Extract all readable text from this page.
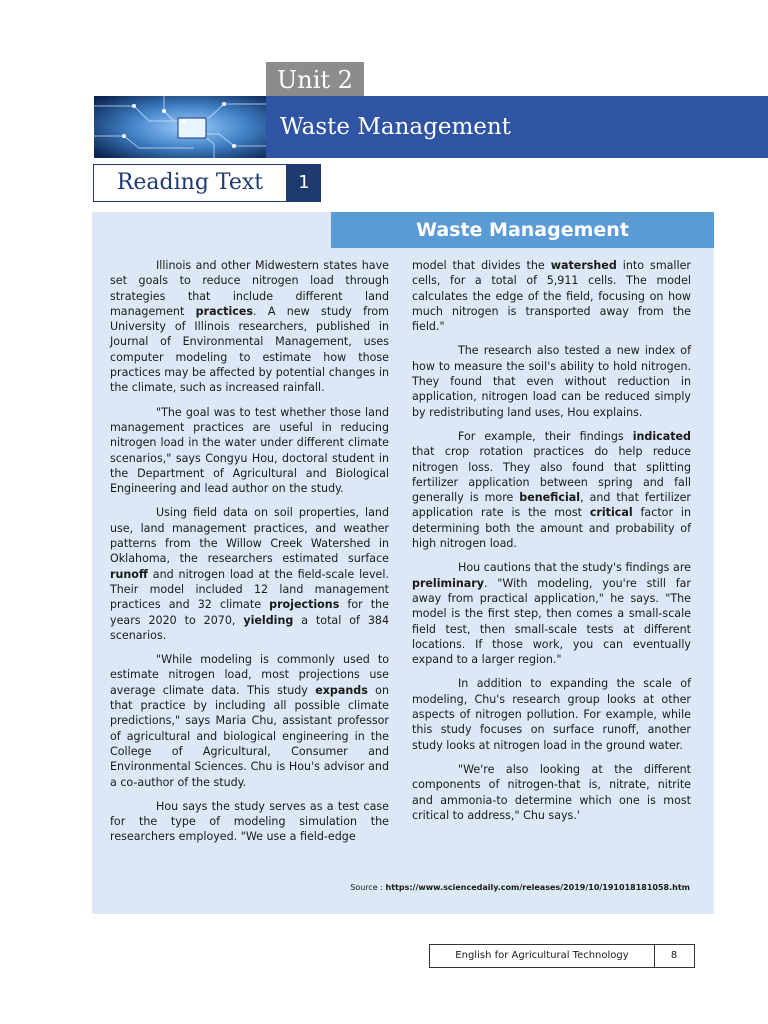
Unit 2
Waste Management
Reading Text	1
Waste Management

Illinois and other Midwestern states have set goals to reduce nitrogen load through strategies that include different land management practices. A new study from University of Illinois researchers, published in Journal of Environmental Management, uses computer modeling to estimate how those practices may be affected by potential changes in the climate, such as increased rainfall.

"The goal was to test whether those land management practices are useful in reducing nitrogen load in the water under different climate scenarios," says Congyu Hou, doctoral student in the Department of Agricultural and Biological Engineering and lead author on the study.

Using field data on soil properties, land use, land management practices, and weather patterns from the Willow Creek Watershed in Oklahoma, the researchers estimated surface runoff and nitrogen load at the field-scale level. Their model included 12 land management practices and 32 climate projections for the years 2020 to 2070, yielding a total of 384 scenarios.

"While modeling is commonly used to estimate nitrogen load, most projections use average climate data. This study expands on that practice by including all possible climate predictions," says Maria Chu, assistant professor of agricultural and biological engineering in the College of Agricultural, Consumer and Environmental Sciences. Chu is Hou's advisor and a co-author of the study.

Hou says the study serves as a test case for the type of modeling simulation the researchers employed. "We use a field-edge

model that divides the watershed into smaller cells, for a total of 5,911 cells. The model calculates the edge of the field, focusing on how much nitrogen is transported away from the field."

The research also tested a new index of how to measure the soil's ability to hold nitrogen. They found that even without reduction in application, nitrogen load can be reduced simply by redistributing land uses, Hou explains.

For example, their findings indicated that crop rotation practices do help reduce nitrogen loss. They also found that splitting fertilizer application between spring and fall generally is more beneficial, and that fertilizer application rate is the most critical factor in determining both the amount and probability of high nitrogen load.

Hou cautions that the study's findings are preliminary. "With modeling, you're still far away from practical application," he says. "The model is the first step, then comes a small-scale field test, then small-scale tests at different locations. If those work, you can eventually expand to a larger region."

In addition to expanding the scale of modeling, Chu's research group looks at other aspects of nitrogen pollution. For example, while this study focuses on surface runoff, another study looks at nitrogen load in the ground water.

"We're also looking at the different components of nitrogen-that is, nitrate, nitrite and ammonia-to determine which one is most critical to address," Chu says.'

Source : https://www.sciencedaily.com/releases/2019/10/191018181058.htm
English for Agricultural Technology	8
